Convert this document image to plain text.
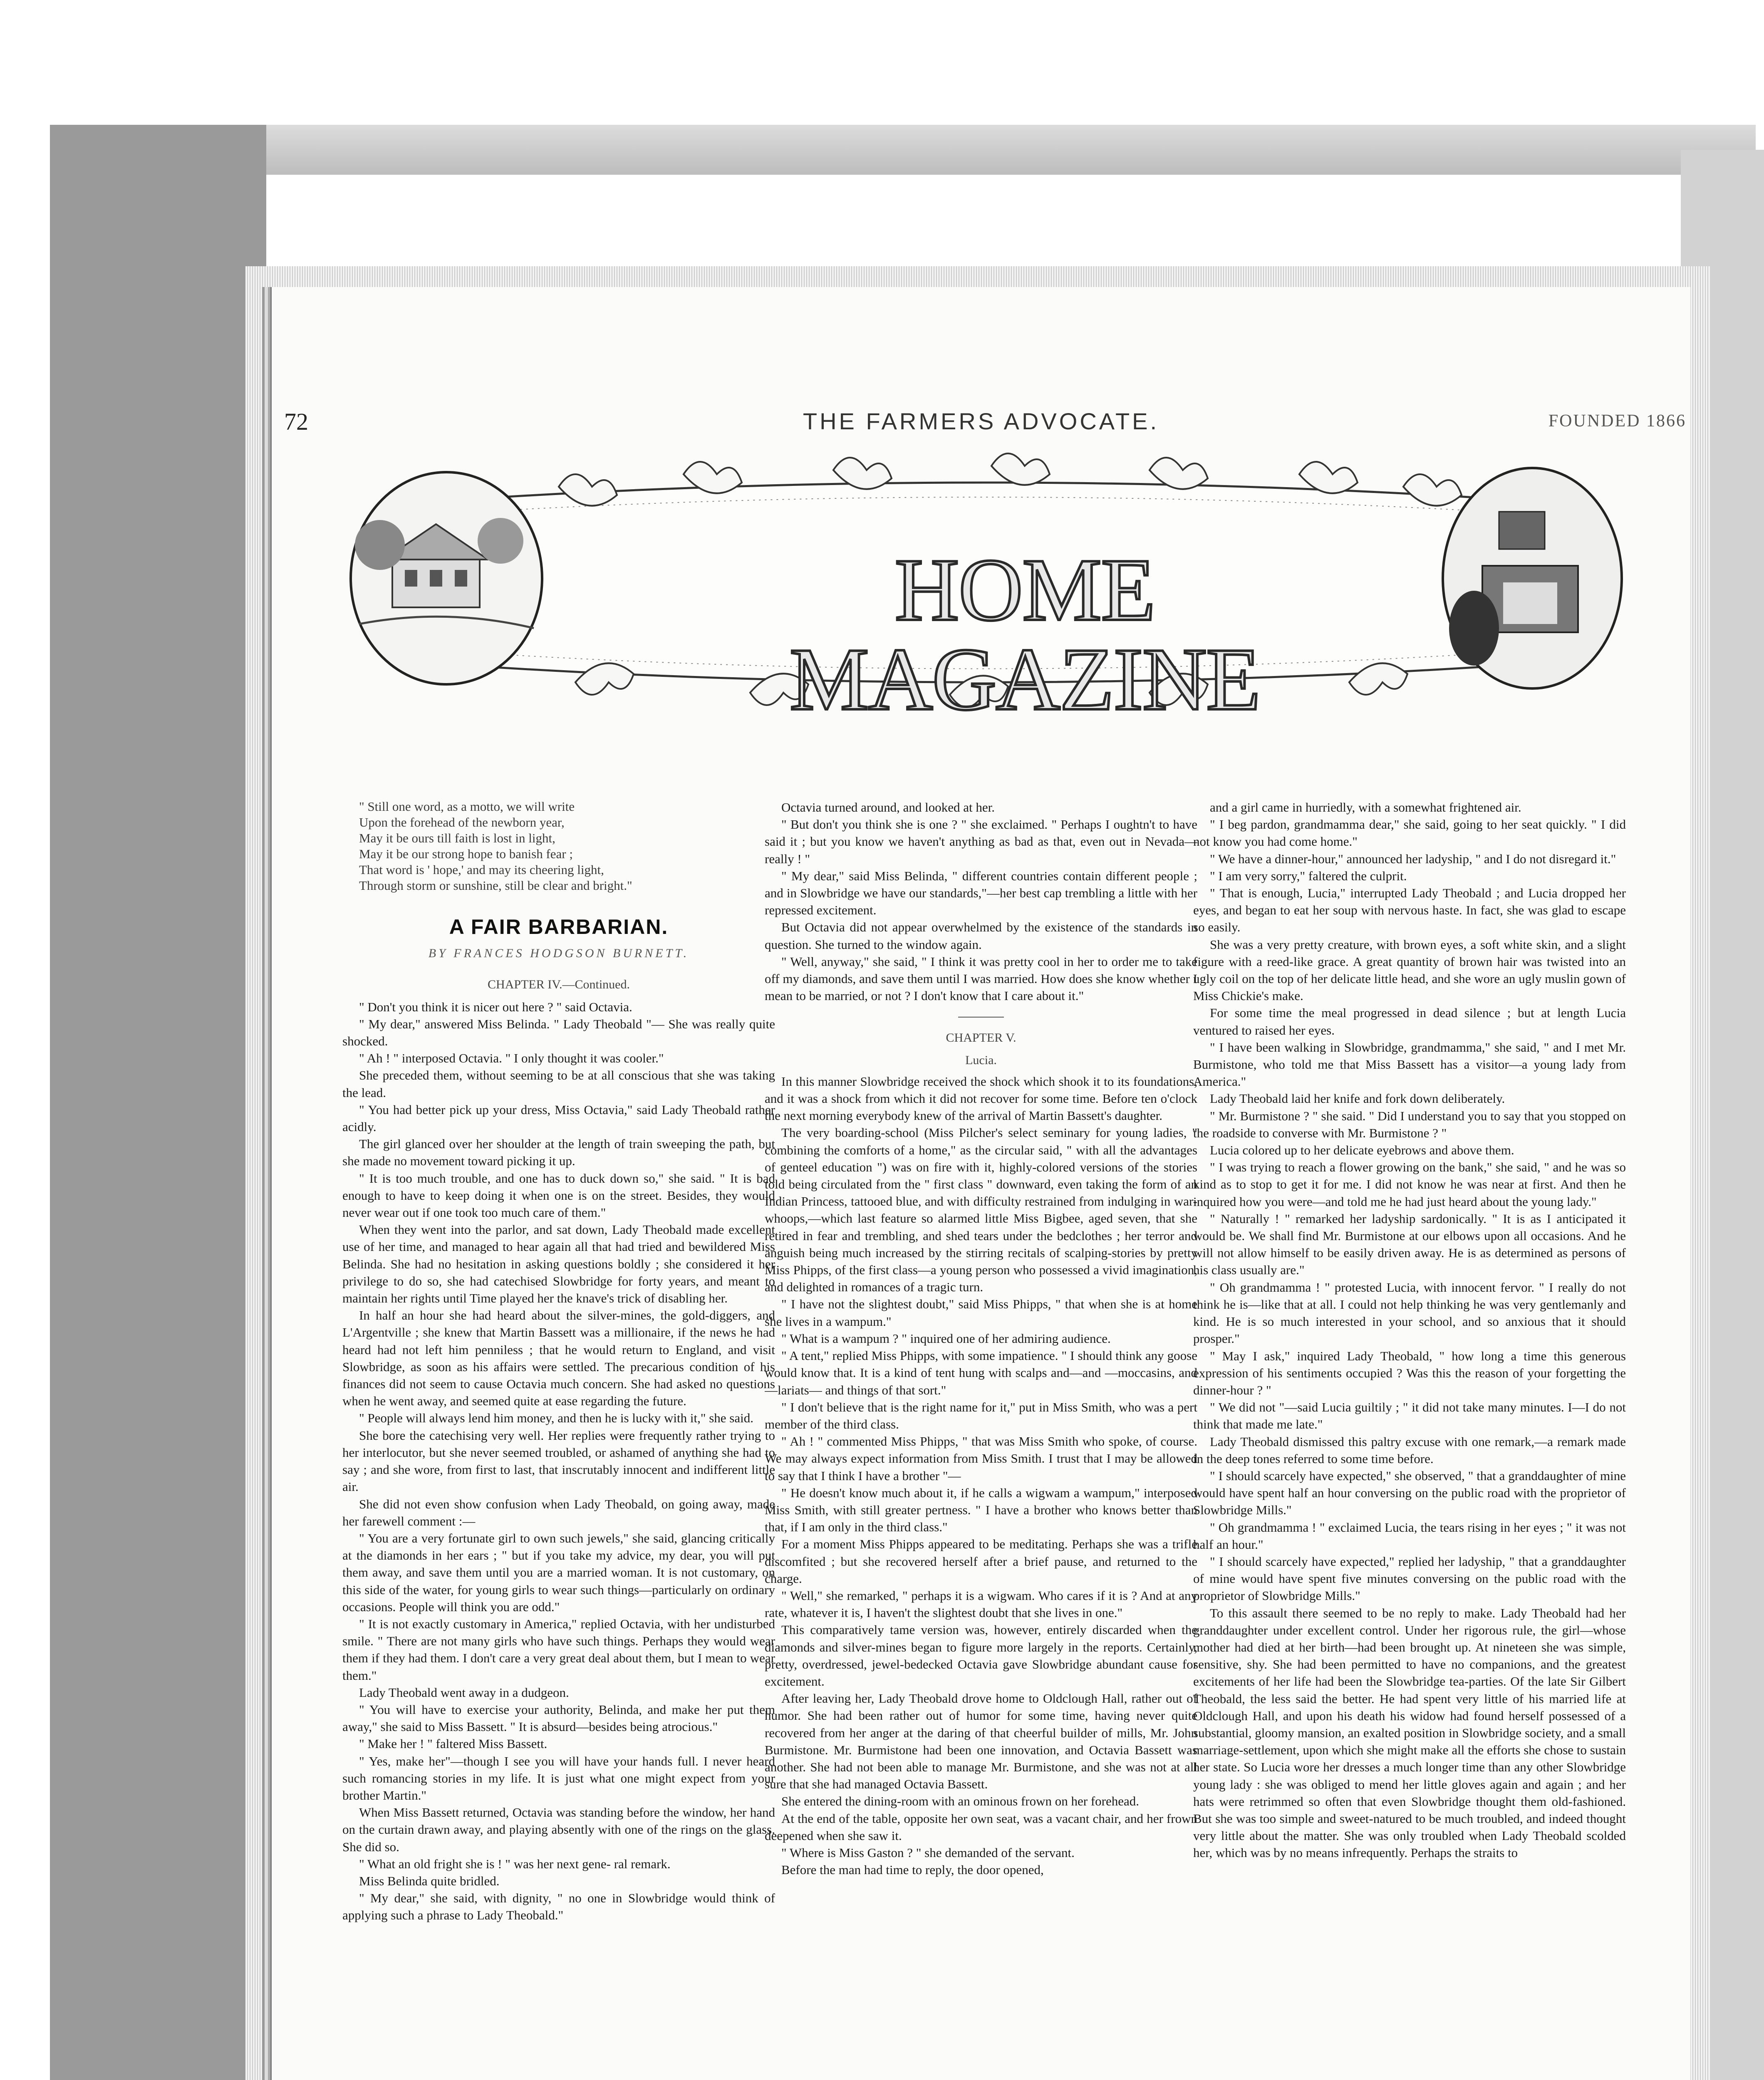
72	THE FARMERS ADVOCATE.	FOUNDED 1866
HOME MAGAZINE
" Still one word, as a motto, we will write
Upon the forehead of the newborn year,
May it be ours till faith is lost in light,
May it be our strong hope to banish fear ;
That word is ' hope,' and may its cheering light,
Through storm or sunshine, still be clear and bright."
A FAIR BARBARIAN.
BY FRANCES HODGSON BURNETT.
CHAPTER IV.—Continued.

" Don't you think it is nicer out here ? " said Octavia.

" My dear," answered Miss Belinda. " Lady Theobald "— She was really quite shocked.

" Ah ! " interposed Octavia. " I only thought it was cooler."

She preceded them, without seeming to be at all conscious that she was taking the lead.

" You had better pick up your dress, Miss Octavia," said Lady Theobald rather acidly.

The girl glanced over her shoulder at the length of train sweeping the path, but she made no movement toward picking it up.

" It is too much trouble, and one has to duck down so," she said. " It is bad enough to have to keep doing it when one is on the street. Besides, they would never wear out if one took too much care of them."

When they went into the parlor, and sat down, Lady Theobald made excellent use of her time, and managed to hear again all that had tried and bewildered Miss Belinda. She had no hesitation in asking questions boldly ; she considered it her privilege to do so, she had catechised Slowbridge for forty years, and meant to maintain her rights until Time played her the knave's trick of disabling her.

In half an hour she had heard about the silver-mines, the gold-diggers, and L'Argentville ; she knew that Martin Bassett was a millionaire, if the news he had heard had not left him penniless ; that he would return to England, and visit Slowbridge, as soon as his affairs were settled. The precarious condition of his finances did not seem to cause Octavia much concern. She had asked no questions when he went away, and seemed quite at ease regarding the future.

" People will always lend him money, and then he is lucky with it," she said.

She bore the catechising very well. Her replies were frequently rather trying to her interlocutor, but she never seemed troubled, or ashamed of anything she had to say ; and she wore, from first to last, that inscrutably innocent and indifferent little air.

She did not even show confusion when Lady Theobald, on going away, made her farewell comment :—

" You are a very fortunate girl to own such jewels," she said, glancing critically at the diamonds in her ears ; " but if you take my advice, my dear, you will put them away, and save them until you are a married woman. It is not customary, on this side of the water, for young girls to wear such things—particularly on ordinary occasions. People will think you are odd."

" It is not exactly customary in America," replied Octavia, with her undisturbed smile. " There are not many girls who have such things. Perhaps they would wear them if they had them. I don't care a very great deal about them, but I mean to wear them."

Lady Theobald went away in a dudgeon.

" You will have to exercise your authority, Belinda, and make her put them away," she said to Miss Bassett. " It is absurd—besides being atrocious."

" Make her ! " faltered Miss Bassett.

" Yes, make her"—though I see you will have your hands full. I never heard such romancing stories in my life. It is just what one might expect from your brother Martin."

When Miss Bassett returned, Octavia was standing before the window, her hand on the curtain drawn away, and playing absently with one of the rings on the glass. She did so.

" What an old fright she is ! " was her next gene- ral remark.

Miss Belinda quite bridled.

" My dear," she said, with dignity, " no one in Slowbridge would think of applying such a phrase to Lady Theobald."

Octavia turned around, and looked at her.

" But don't you think she is one ? " she exclaimed. " Perhaps I oughtn't to have said it ; but you know we haven't anything as bad as that, even out in Nevada—really ! "

" My dear," said Miss Belinda, " different countries contain different people ; and in Slowbridge we have our standards,"—her best cap trembling a little with her repressed excitement.

But Octavia did not appear overwhelmed by the existence of the standards in question. She turned to the window again.

" Well, anyway," she said, " I think it was pretty cool in her to order me to take off my diamonds, and save them until I was married. How does she know whether I mean to be married, or not ? I don't know that I care about it."

CHAPTER V.
Lucia.

In this manner Slowbridge received the shock which shook it to its foundations, and it was a shock from which it did not recover for some time. Before ten o'clock the next morning everybody knew of the arrival of Martin Bassett's daughter.

The very boarding-school (Miss Pilcher's select seminary for young ladies, " combining the comforts of a home," as the circular said, " with all the advantages of genteel education ") was on fire with it, highly-colored versions of the stories told being circulated from the " first class " downward, even taking the form of an Indian Princess, tattooed blue, and with difficulty restrained from indulging in war-whoops,—which last feature so alarmed little Miss Bigbee, aged seven, that she retired in fear and trembling, and shed tears under the bedclothes ; her terror and anguish being much increased by the stirring recitals of scalping-stories by pretty Miss Phipps, of the first class—a young person who possessed a vivid imagination, and delighted in romances of a tragic turn.

" I have not the slightest doubt," said Miss Phipps, " that when she is at home she lives in a wampum."

" What is a wampum ? " inquired one of her admiring audience.

" A tent," replied Miss Phipps, with some impatience. " I should think any goose would know that. It is a kind of tent hung with scalps and—and —moccasins, and—lariats— and things of that sort."

" I don't believe that is the right name for it," put in Miss Smith, who was a pert member of the third class.

" Ah ! " commented Miss Phipps, " that was Miss Smith who spoke, of course. We may always expect information from Miss Smith. I trust that I may be allowed to say that I think I have a brother "—

" He doesn't know much about it, if he calls a wigwam a wampum," interposed Miss Smith, with still greater pertness. " I have a brother who knows better than that, if I am only in the third class."

For a moment Miss Phipps appeared to be meditating. Perhaps she was a trifle discomfited ; but she recovered herself after a brief pause, and returned to the charge.

" Well," she remarked, " perhaps it is a wigwam. Who cares if it is ? And at any rate, whatever it is, I haven't the slightest doubt that she lives in one."

This comparatively tame version was, however, entirely discarded when the diamonds and silver-mines began to figure more largely in the reports. Certainly, pretty, overdressed, jewel-bedecked Octavia gave Slowbridge abundant cause for excitement.

After leaving her, Lady Theobald drove home to Oldclough Hall, rather out of humor. She had been rather out of humor for some time, having never quite recovered from her anger at the daring of that cheerful builder of mills, Mr. John Burmistone. Mr. Burmistone had been one innovation, and Octavia Bassett was another. She had not been able to manage Mr. Burmistone, and she was not at all sure that she had managed Octavia Bassett.

She entered the dining-room with an ominous frown on her forehead.

At the end of the table, opposite her own seat, was a vacant chair, and her frown deepened when she saw it.

" Where is Miss Gaston ? " she demanded of the servant.

Before the man had time to reply, the door opened,

and a girl came in hurriedly, with a somewhat frightened air.

" I beg pardon, grandmamma dear," she said, going to her seat quickly. " I did not know you had come home."

" We have a dinner-hour," announced her ladyship, " and I do not disregard it."

" I am very sorry," faltered the culprit.

" That is enough, Lucia," interrupted Lady Theobald ; and Lucia dropped her eyes, and began to eat her soup with nervous haste. In fact, she was glad to escape so easily.

She was a very pretty creature, with brown eyes, a soft white skin, and a slight figure with a reed-like grace. A great quantity of brown hair was twisted into an ugly coil on the top of her delicate little head, and she wore an ugly muslin gown of Miss Chickie's make.

For some time the meal progressed in dead silence ; but at length Lucia ventured to raised her eyes.

" I have been walking in Slowbridge, grandmamma," she said, " and I met Mr. Burmistone, who told me that Miss Bassett has a visitor—a young lady from America."

Lady Theobald laid her knife and fork down deliberately.

" Mr. Burmistone ? " she said. " Did I understand you to say that you stopped on the roadside to converse with Mr. Burmistone ? "

Lucia colored up to her delicate eyebrows and above them.

" I was trying to reach a flower growing on the bank," she said, " and he was so kind as to stop to get it for me. I did not know he was near at first. And then he inquired how you were—and told me he had just heard about the young lady."

" Naturally ! " remarked her ladyship sardonically. " It is as I anticipated it would be. We shall find Mr. Burmistone at our elbows upon all occasions. And he will not allow himself to be easily driven away. He is as determined as persons of his class usually are."

" Oh grandmamma ! " protested Lucia, with innocent fervor. " I really do not think he is—like that at all. I could not help thinking he was very gentlemanly and kind. He is so much interested in your school, and so anxious that it should prosper."

" May I ask," inquired Lady Theobald, " how long a time this generous expression of his sentiments occupied ? Was this the reason of your forgetting the dinner-hour ? "

" We did not "—said Lucia guiltily ; " it did not take many minutes. I—I do not think that made me late."

Lady Theobald dismissed this paltry excuse with one remark,—a remark made in the deep tones referred to some time before.

" I should scarcely have expected," she observed, " that a granddaughter of mine would have spent half an hour conversing on the public road with the proprietor of Slowbridge Mills."

" Oh grandmamma ! " exclaimed Lucia, the tears rising in her eyes ; " it was not half an hour."

" I should scarcely have expected," replied her ladyship, " that a granddaughter of mine would have spent five minutes conversing on the public road with the proprietor of Slowbridge Mills."

To this assault there seemed to be no reply to make. Lady Theobald had her granddaughter under excellent control. Under her rigorous rule, the girl—whose mother had died at her birth—had been brought up. At nineteen she was simple, sensitive, shy. She had been permitted to have no companions, and the greatest excitements of her life had been the Slowbridge tea-parties. Of the late Sir Gilbert Theobald, the less said the better. He had spent very little of his married life at Oldclough Hall, and upon his death his widow had found herself possessed of a substantial, gloomy mansion, an exalted position in Slowbridge society, and a small marriage-settlement, upon which she might make all the efforts she chose to sustain her state. So Lucia wore her dresses a much longer time than any other Slowbridge young lady : she was obliged to mend her little gloves again and again ; and her hats were retrimmed so often that even Slowbridge thought them old-fashioned. But she was too simple and sweet-natured to be much troubled, and indeed thought very little about the matter. She was only troubled when Lady Theobald scolded her, which was by no means infrequently. Perhaps the straits to
